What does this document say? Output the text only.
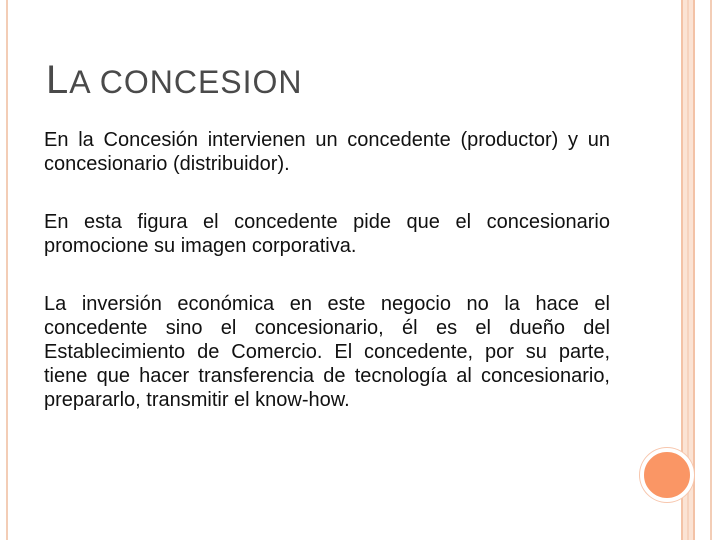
LA CONCESION

En la Concesión intervienen un concedente (productor) y un concesionario (distribuidor).

En esta figura el concedente pide que el concesionario promocione su imagen corporativa.

La inversión económica en este negocio no la hace el concedente sino el concesionario, él es el dueño del Establecimiento de Comercio. El concedente, por su parte, tiene que hacer transferencia de tecnología al concesionario, prepararlo, transmitir el know-how.
